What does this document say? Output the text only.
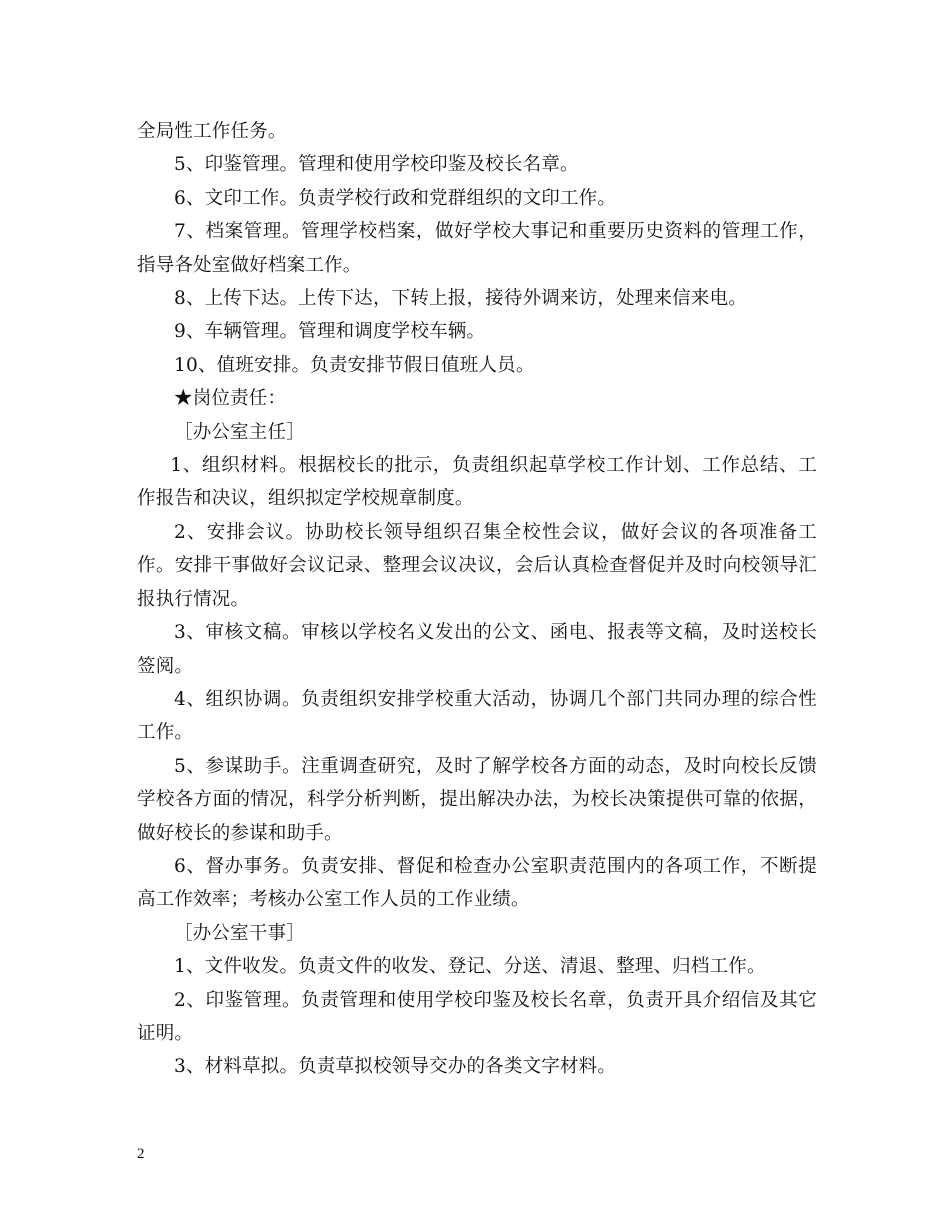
全局性工作任务。

5、印鉴管理。管理和使用学校印鉴及校长名章。

6、文印工作。负责学校行政和党群组织的文印工作。

7、档案管理。管理学校档案，做好学校大事记和重要历史资料的管理工作，指导各处室做好档案工作。

8、上传下达。上传下达，下转上报，接待外调来访，处理来信来电。

9、车辆管理。管理和调度学校车辆。

10、值班安排。负责安排节假日值班人员。

★岗位责任：

［办公室主任］

1、组织材料。根据校长的批示，负责组织起草学校工作计划、工作总结、工作报告和决议，组织拟定学校规章制度。

2、安排会议。协助校长领导组织召集全校性会议，做好会议的各项准备工作。安排干事做好会议记录、整理会议决议，会后认真检查督促并及时向校领导汇报执行情况。

3、审核文稿。审核以学校名义发出的公文、函电、报表等文稿，及时送校长签阅。

4、组织协调。负责组织安排学校重大活动，协调几个部门共同办理的综合性工作。

5、参谋助手。注重调查研究，及时了解学校各方面的动态，及时向校长反馈学校各方面的情况，科学分析判断，提出解决办法，为校长决策提供可靠的依据，做好校长的参谋和助手。

6、督办事务。负责安排、督促和检查办公室职责范围内的各项工作，不断提高工作效率；考核办公室工作人员的工作业绩。

［办公室干事］

1、文件收发。负责文件的收发、登记、分送、清退、整理、归档工作。

2、印鉴管理。负责管理和使用学校印鉴及校长名章，负责开具介绍信及其它证明。

3、材料草拟。负责草拟校领导交办的各类文字材料。

2
